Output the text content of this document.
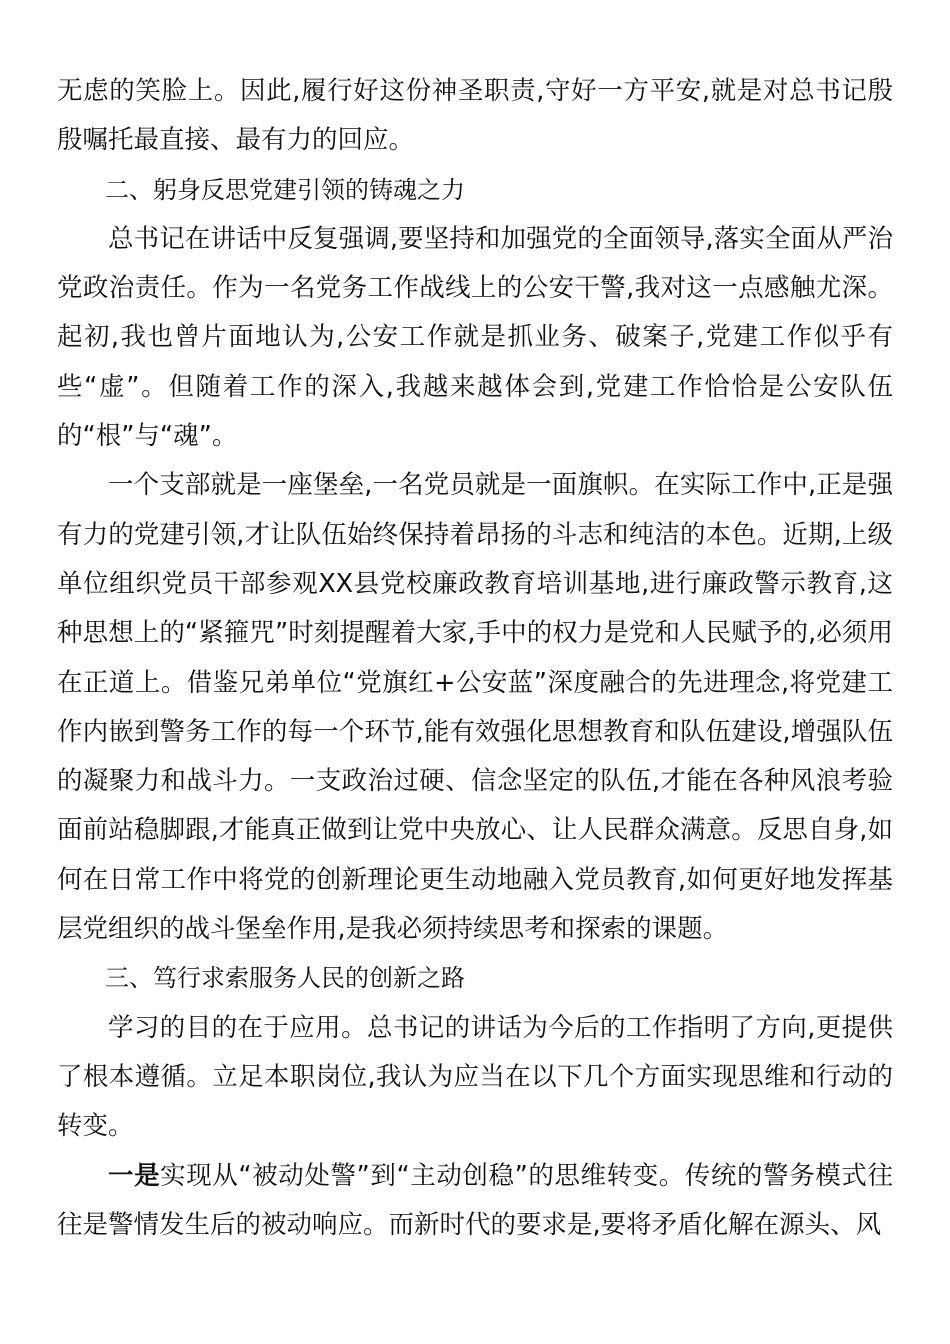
无虑的笑脸上。因此,履行好这份神圣职责,守好一方平安,就是对总书记殷殷嘱托最直接、最有力的回应。

二、躬身反思党建引领的铸魂之力

总书记在讲话中反复强调,要坚持和加强党的全面领导,落实全面从严治党政治责任。作为一名党务工作战线上的公安干警,我对这一点感触尤深。起初,我也曾片面地认为,公安工作就是抓业务、破案子,党建工作似乎有些“虚”。但随着工作的深入,我越来越体会到,党建工作恰恰是公安队伍的“根”与“魂”。

一个支部就是一座堡垒,一名党员就是一面旗帜。在实际工作中,正是强有力的党建引领,才让队伍始终保持着昂扬的斗志和纯洁的本色。近期,上级单位组织党员干部参观XX县党校廉政教育培训基地,进行廉政警示教育,这种思想上的“紧箍咒”时刻提醒着大家,手中的权力是党和人民赋予的,必须用在正道上。借鉴兄弟单位“党旗红+公安蓝”深度融合的先进理念,将党建工作内嵌到警务工作的每一个环节,能有效强化思想教育和队伍建设,增强队伍的凝聚力和战斗力。一支政治过硬、信念坚定的队伍,才能在各种风浪考验面前站稳脚跟,才能真正做到让党中央放心、让人民群众满意。反思自身,如何在日常工作中将党的创新理论更生动地融入党员教育,如何更好地发挥基层党组织的战斗堡垒作用,是我必须持续思考和探索的课题。

三、笃行求索服务人民的创新之路

学习的目的在于应用。总书记的讲话为今后的工作指明了方向,更提供了根本遵循。立足本职岗位,我认为应当在以下几个方面实现思维和行动的转变。

一是实现从“被动处警”到“主动创稳”的思维转变。传统的警务模式往往是警情发生后的被动响应。而新时代的要求是,要将矛盾化解在源头、风
